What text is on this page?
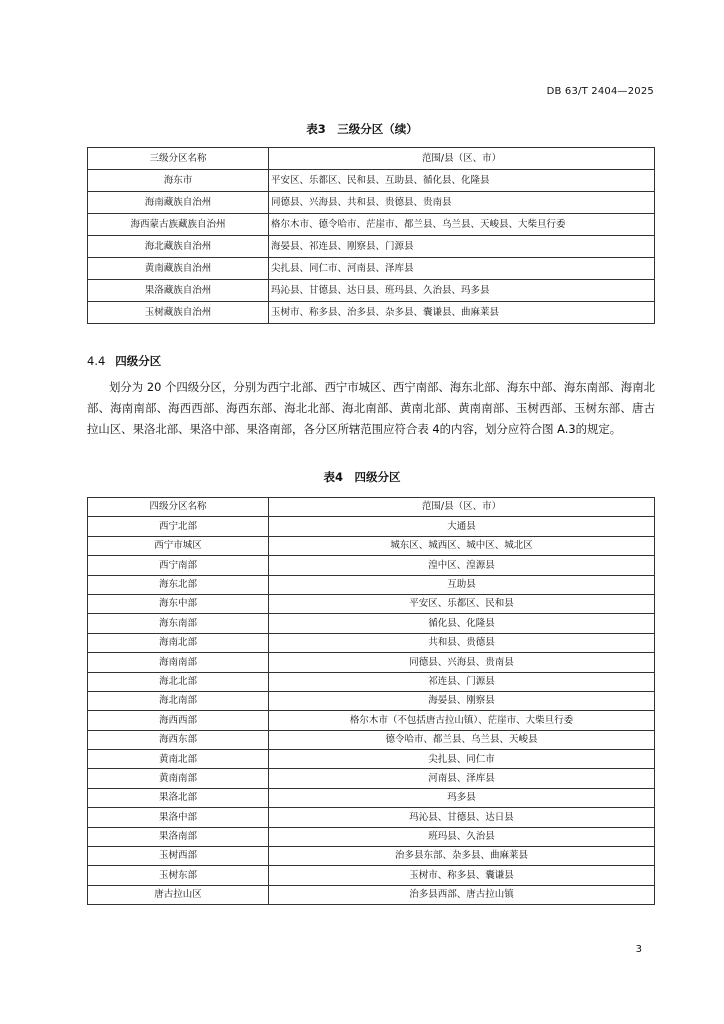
DB 63/T 2404—2025
表3　三级分区（续）
三级分区名称	范围/县（区、市）
海东市	平安区、乐都区、民和县、互助县、循化县、化隆县
海南藏族自治州	同德县、兴海县、共和县、贵德县、贵南县
海西蒙古族藏族自治州	格尔木市、德令哈市、茫崖市、都兰县、乌兰县、天峻县、大柴旦行委
海北藏族自治州	海晏县、祁连县、刚察县、门源县
黄南藏族自治州	尖扎县、同仁市、河南县、泽库县
果洛藏族自治州	玛沁县、甘德县、达日县、班玛县、久治县、玛多县
玉树藏族自治州	玉树市、称多县、治多县、杂多县、囊谦县、曲麻莱县
4.4 四级分区
划分为 20 个四级分区，分别为西宁北部、西宁市城区、西宁南部、海东北部、海东中部、海东南部、海南北部、海南南部、海西西部、海西东部、海北北部、海北南部、黄南北部、黄南南部、玉树西部、玉树东部、唐古拉山区、果洛北部、果洛中部、果洛南部，各分区所辖范围应符合表 4的内容，划分应符合图 A.3的规定。
表4　四级分区
四级分区名称	范围/县（区、市）
西宁北部	大通县
西宁市城区	城东区、城西区、城中区、城北区
西宁南部	湟中区、湟源县
海东北部	互助县
海东中部	平安区、乐都区、民和县
海东南部	循化县、化隆县
海南北部	共和县、贵德县
海南南部	同德县、兴海县、贵南县
海北北部	祁连县、门源县
海北南部	海晏县、刚察县
海西西部	格尔木市（不包括唐古拉山镇）、茫崖市、大柴旦行委
海西东部	德令哈市、都兰县、乌兰县、天峻县
黄南北部	尖扎县、同仁市
黄南南部	河南县、泽库县
果洛北部	玛多县
果洛中部	玛沁县、甘德县、达日县
果洛南部	班玛县、久治县
玉树西部	治多县东部、杂多县、曲麻莱县
玉树东部	玉树市、称多县、囊谦县
唐古拉山区	治多县西部、唐古拉山镇
3
